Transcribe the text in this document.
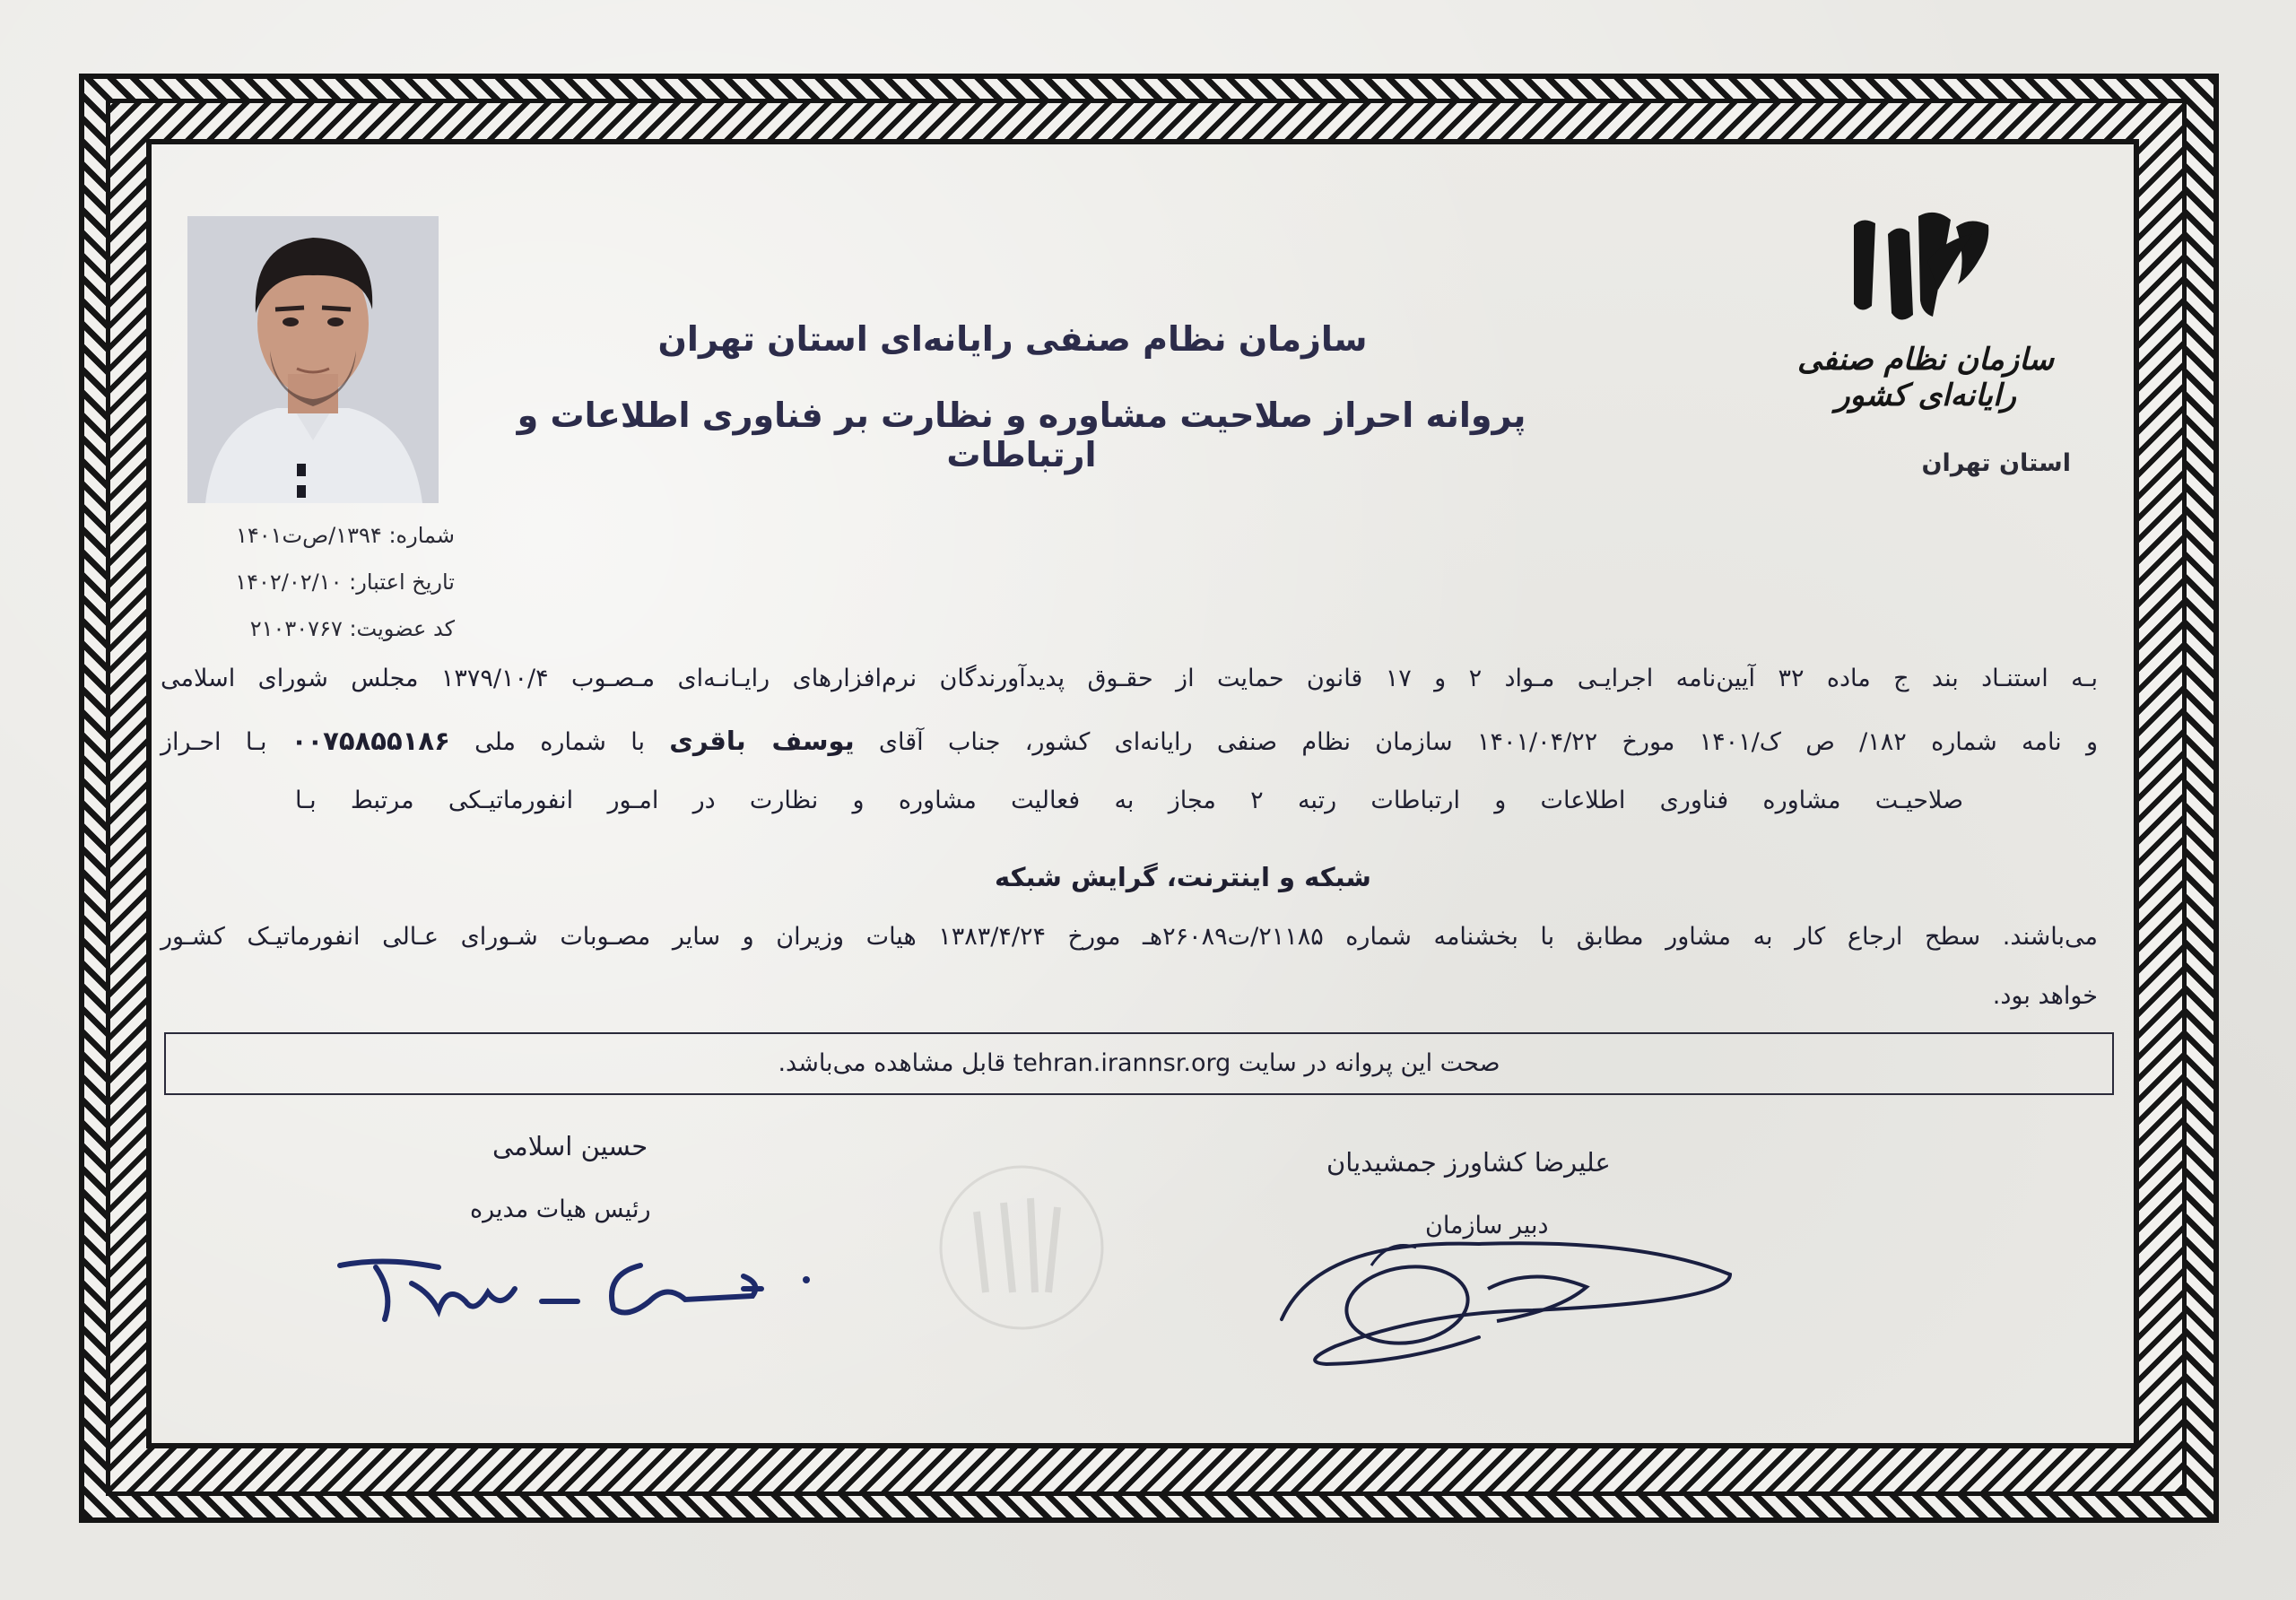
سازمان نظام صنفی رایانه‌ای کشور
استان تهران
سازمان نظام صنفی رایانه‌ای استان تهران
پروانه احراز صلاحیت مشاوره و نظارت بر فناوری اطلاعات و ارتباطات
شماره: ۱۳۹۴/ص‌ت۱۴۰۱
تاریخ اعتبار: ۱۴۰۲/۰۲/۱۰
کد عضویت: ۲۱۰۳۰۷۶۷
بـه استنـاد بند ج ماده ۳۲ آیین‌نامه اجرایـی مـواد ۲ و ۱۷ قانون حمایت از حقـوق پدیدآورندگان نرم‌افزارهای رایـانـه‌ای مـصـوب ۱۳۷۹/۱۰/۴ مجلس شورای اسلامی
و نامه شماره ۱۸۲/ ص ک/۱۴۰۱ مورخ ۱۴۰۱/۰۴/۲۲ سازمان نظام صنفی رایانه‌ای کشور، جناب آقای یوسف باقری با شماره ملی ۰۰۷۵۸۵۵۱۸۶ بـا احـراز
صلاحیـت مشاوره فناوری اطلاعات و ارتباطات رتبه ۲ مجاز به فعالیت مشاوره و نظارت در امـور انفورماتیـکی مرتبط بـا
شبکه و اینترنت، گرایش شبکه
می‌باشند. سطح ارجاع کار به مشاور مطابق با بخشنامه شماره ۲۱۱۸۵/ت۲۶۰۸۹هـ مورخ ۱۳۸۳/۴/۲۴ هیات وزیران و سایر مصـوبات شـورای عـالی انفورماتیـک کشـور
خواهد بود.
صحت این پروانه در سایت tehran.irannsr.org قابل مشاهده می‌باشد.
حسین اسلامی
رئیس هیات مدیره
علیرضا کشاورز جمشیدیان
دبیر سازمان
